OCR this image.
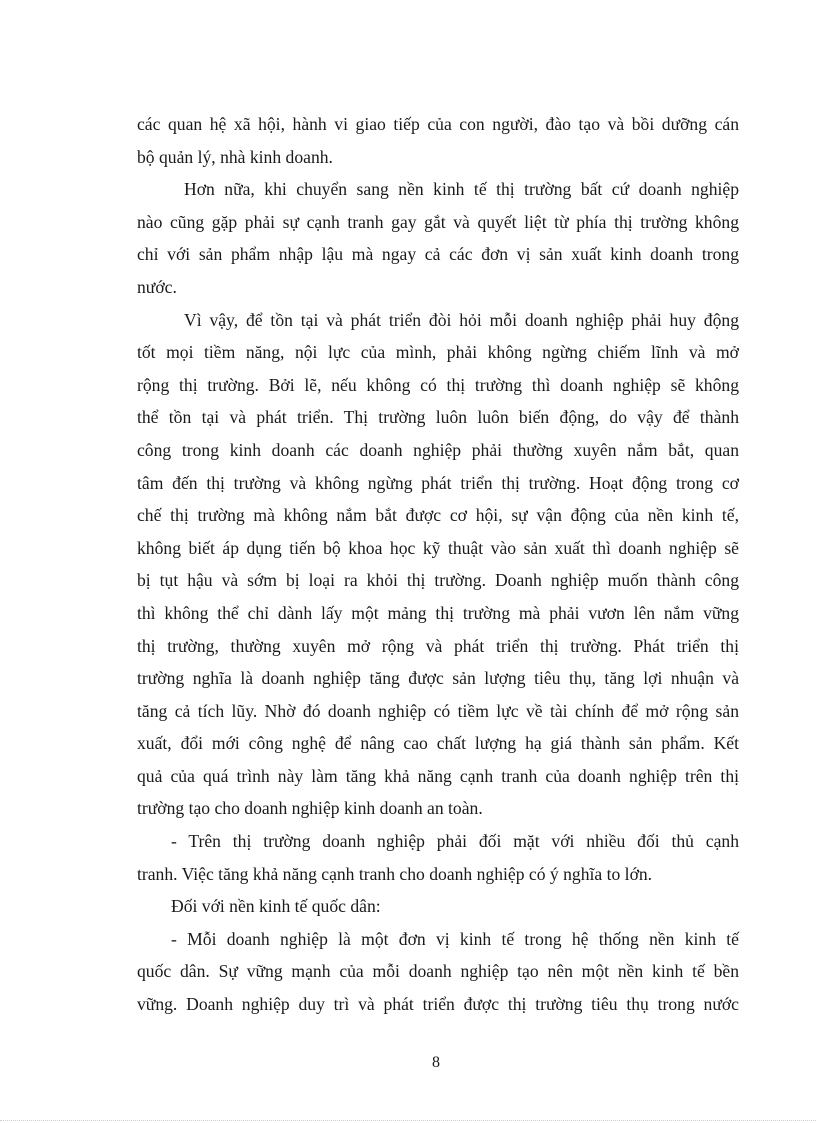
các quan hệ xã hội, hành vi giao tiếp của con người, đào tạo và bồi dưỡng cán
bộ quản lý, nhà kinh doanh.
Hơn nữa, khi chuyển sang nền kinh tế thị trường bất cứ doanh nghiệp
nào cũng gặp phải sự cạnh tranh gay gắt và quyết liệt từ phía thị trường không
chỉ với sản phẩm nhập lậu mà ngay cả các đơn vị sản xuất kinh doanh trong
nước.
Vì vậy, để tồn tại và phát triển đòi hỏi mỗi doanh nghiệp phải huy động
tốt mọi tiềm năng, nội lực của mình, phải không ngừng chiếm lĩnh và mở
rộng thị trường. Bởi lẽ, nếu không có thị trường thì doanh nghiệp sẽ không
thể tồn tại và phát triển. Thị trường luôn luôn biến động, do vậy để thành
công trong kinh doanh các doanh nghiệp phải thường xuyên nắm bắt, quan
tâm đến thị trường và không ngừng phát triển thị trường. Hoạt động trong cơ
chế thị trường mà không nắm bắt được cơ hội, sự vận động của nền kinh tế,
không biết áp dụng tiến bộ khoa học kỹ thuật vào sản xuất thì doanh nghiệp sẽ
bị tụt hậu và sớm bị loại ra khỏi thị trường. Doanh nghiệp muốn thành công
thì không thể chỉ dành lấy một mảng thị trường mà phải vươn lên nắm vững
thị trường, thường xuyên mở rộng và phát triển thị trường. Phát triển thị
trường nghĩa là doanh nghiệp tăng được sản lượng tiêu thụ, tăng lợi nhuận và
tăng cả tích lũy. Nhờ đó doanh nghiệp có tiềm lực về tài chính để mở rộng sản
xuất, đổi mới công nghệ để nâng cao chất lượng hạ giá thành sản phẩm. Kết
quả của quá trình này làm tăng khả năng cạnh tranh của doanh nghiệp trên thị
trường tạo cho doanh nghiệp kinh doanh an toàn.
- Trên thị trường doanh nghiệp phải đối mặt với nhiều đối thủ cạnh
tranh. Việc tăng khả năng cạnh tranh cho doanh nghiệp có ý nghĩa to lớn.
Đối với nền kinh tế quốc dân:
- Mỗi doanh nghiệp là một đơn vị kinh tế trong hệ thống nền kinh tế
quốc dân. Sự vững mạnh của mỗi doanh nghiệp tạo nên một nền kinh tế bền
vững. Doanh nghiệp duy trì và phát triển được thị trường tiêu thụ trong nước
8
